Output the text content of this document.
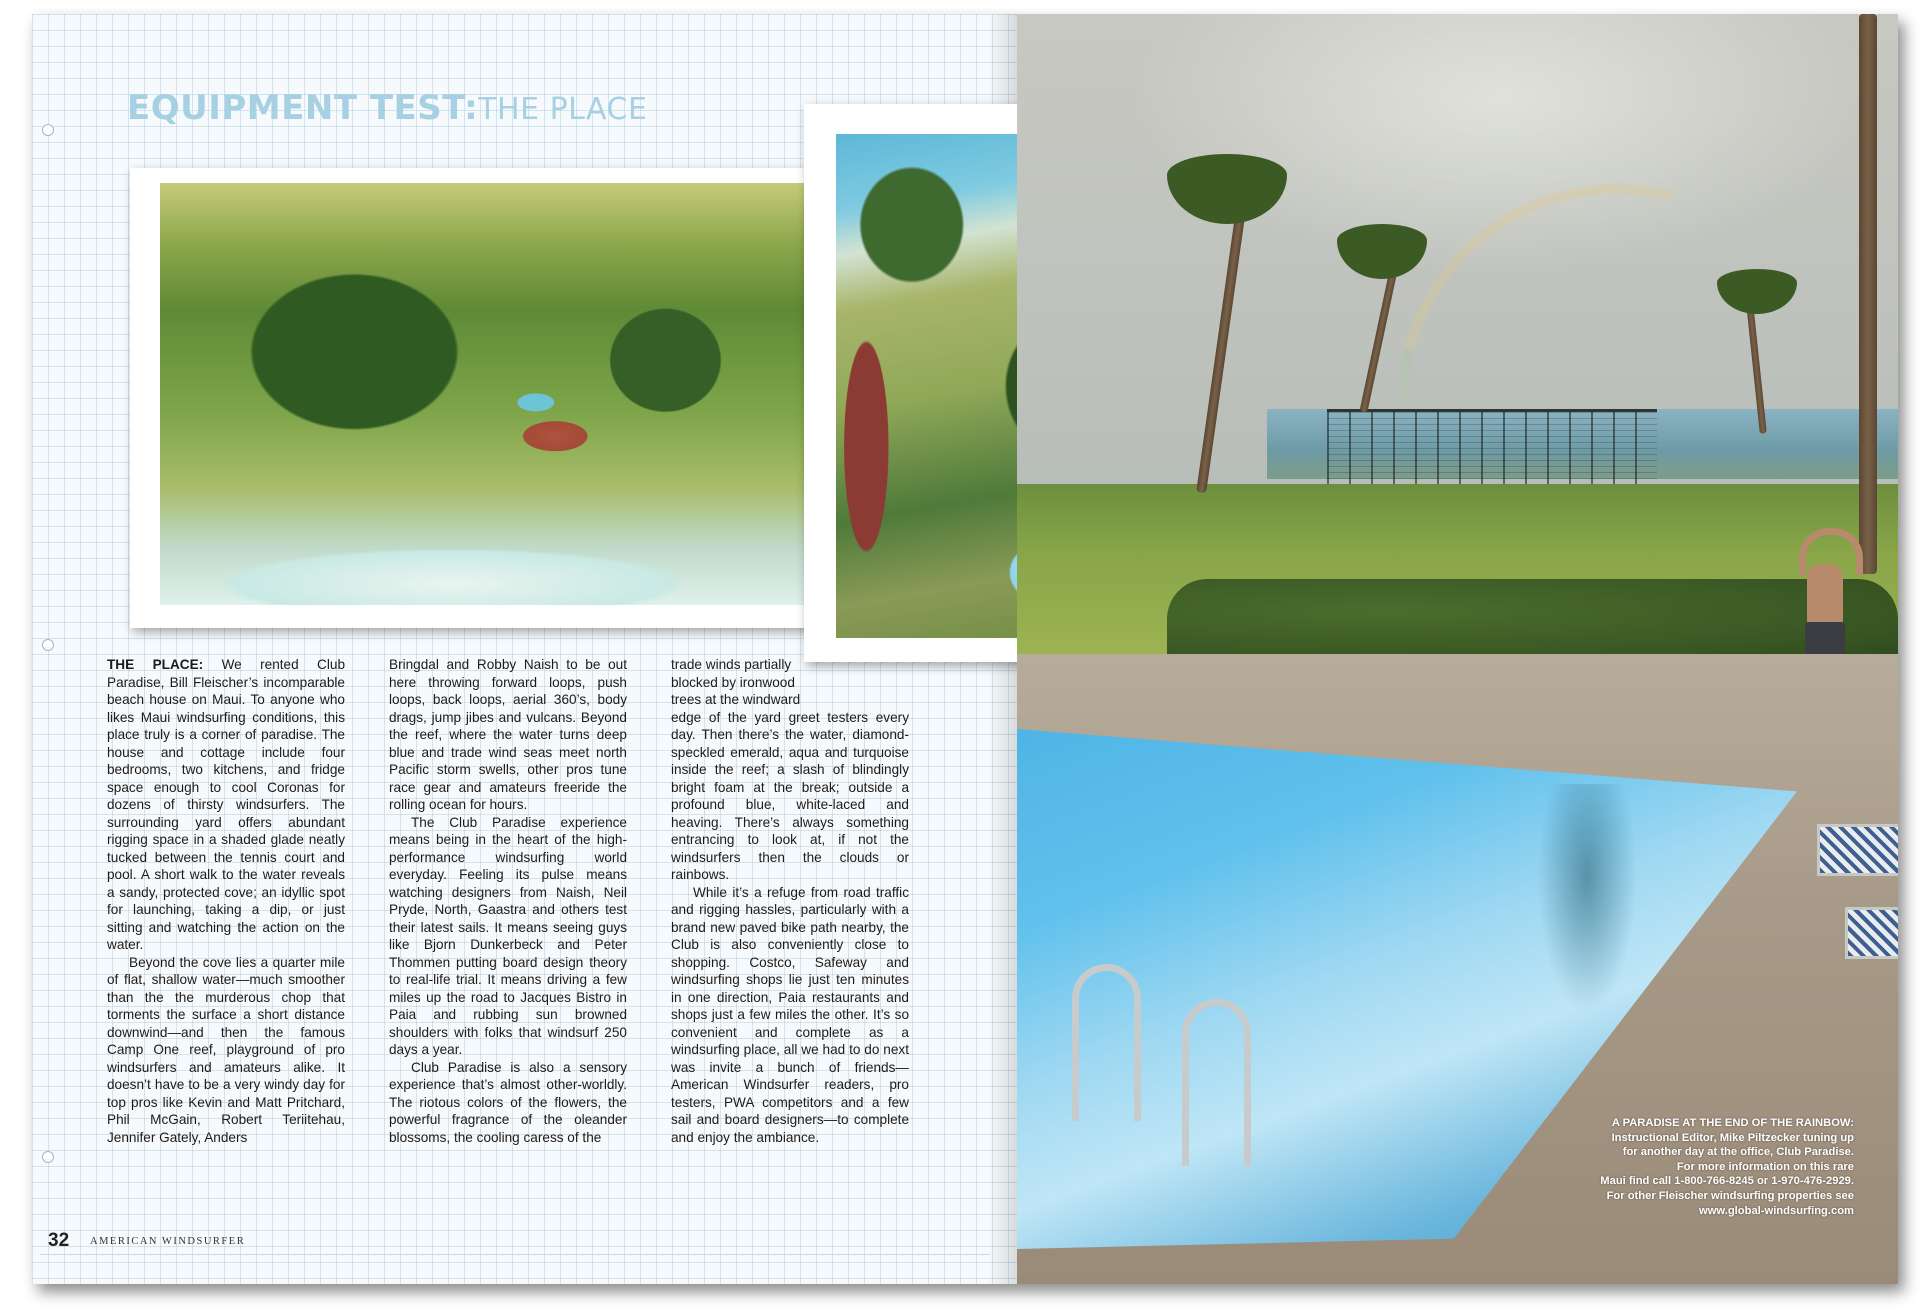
EQUIPMENT TEST:THE PLACE

THE PLACE: We rented Club Paradise, Bill Fleischer’s incomparable beach house on Maui. To anyone who likes Maui windsurfing conditions, this place truly is a corner of paradise. The house and cottage include four bedrooms, two kitchens, and fridge space enough to cool Coronas for dozens of thirsty windsurfers. The surrounding yard offers abundant rigging space in a shaded glade neatly tucked between the tennis court and pool. A short walk to the water reveals a sandy, protected cove; an idyllic spot for launching, taking a dip, or just sitting and watching the action on the water.

Beyond the cove lies a quarter mile of flat, shallow water—much smoother than the the murderous chop that torments the surface a short distance downwind—and then the famous Camp One reef, playground of pro windsurfers and amateurs alike. It doesn’t have to be a very windy day for top pros like Kevin and Matt Pritchard, Phil McGain, Robert Teriitehau, Jennifer Gately, Anders

Bringdal and Robby Naish to be out here throwing forward loops, push loops, back loops, aerial 360’s, body drags, jump jibes and vulcans. Beyond the reef, where the water turns deep blue and trade wind seas meet north Pacific storm swells, other pros tune race gear and amateurs freeride the rolling ocean for hours.

The Club Paradise experience means being in the heart of the high-performance windsurfing world everyday. Feeling its pulse means watching designers from Naish, Neil Pryde, North, Gaastra and others test their latest sails. It means seeing guys like Bjorn Dunkerbeck and Peter Thommen putting board design theory to real-life trial. It means driving a few miles up the road to Jacques Bistro in Paia and rubbing sun browned shoulders with folks that windsurf 250 days a year.

Club Paradise is also a sensory experience that’s almost other-worldly. The riotous colors of the flowers, the powerful fragrance of the oleander blossoms, the cooling caress of the

trade winds partially blocked by ironwood trees at the windward

edge of the yard greet testers every day. Then there’s the water, diamond-speckled emerald, aqua and turquoise inside the reef; a slash of blindingly bright foam at the break; outside a profound blue, white-laced and heaving. There’s always something entrancing to look at, if not the windsurfers then the clouds or rainbows.

While it’s a refuge from road traffic and rigging hassles, particularly with a brand new paved bike path nearby, the Club is also conveniently close to shopping. Costco, Safeway and windsurfing shops lie just ten minutes in one direction, Paia restaurants and shops just a few miles the other. It’s so convenient and complete as a windsurfing place, all we had to do next was invite a bunch of friends—American Windsurfer readers, pro testers, PWA competitors and a few sail and board designers—to complete and enjoy the ambiance.

32 AMERICAN WINDSURFER
A PARADISE AT THE END OF THE RAINBOW:
Instructional Editor, Mike Piltzecker tuning up
for another day at the office, Club Paradise.
For more information on this rare
Maui find call 1-800-766-8245 or 1-970-476-2929.
For other Fleischer windsurfing properties see
www.global-windsurfing.com
